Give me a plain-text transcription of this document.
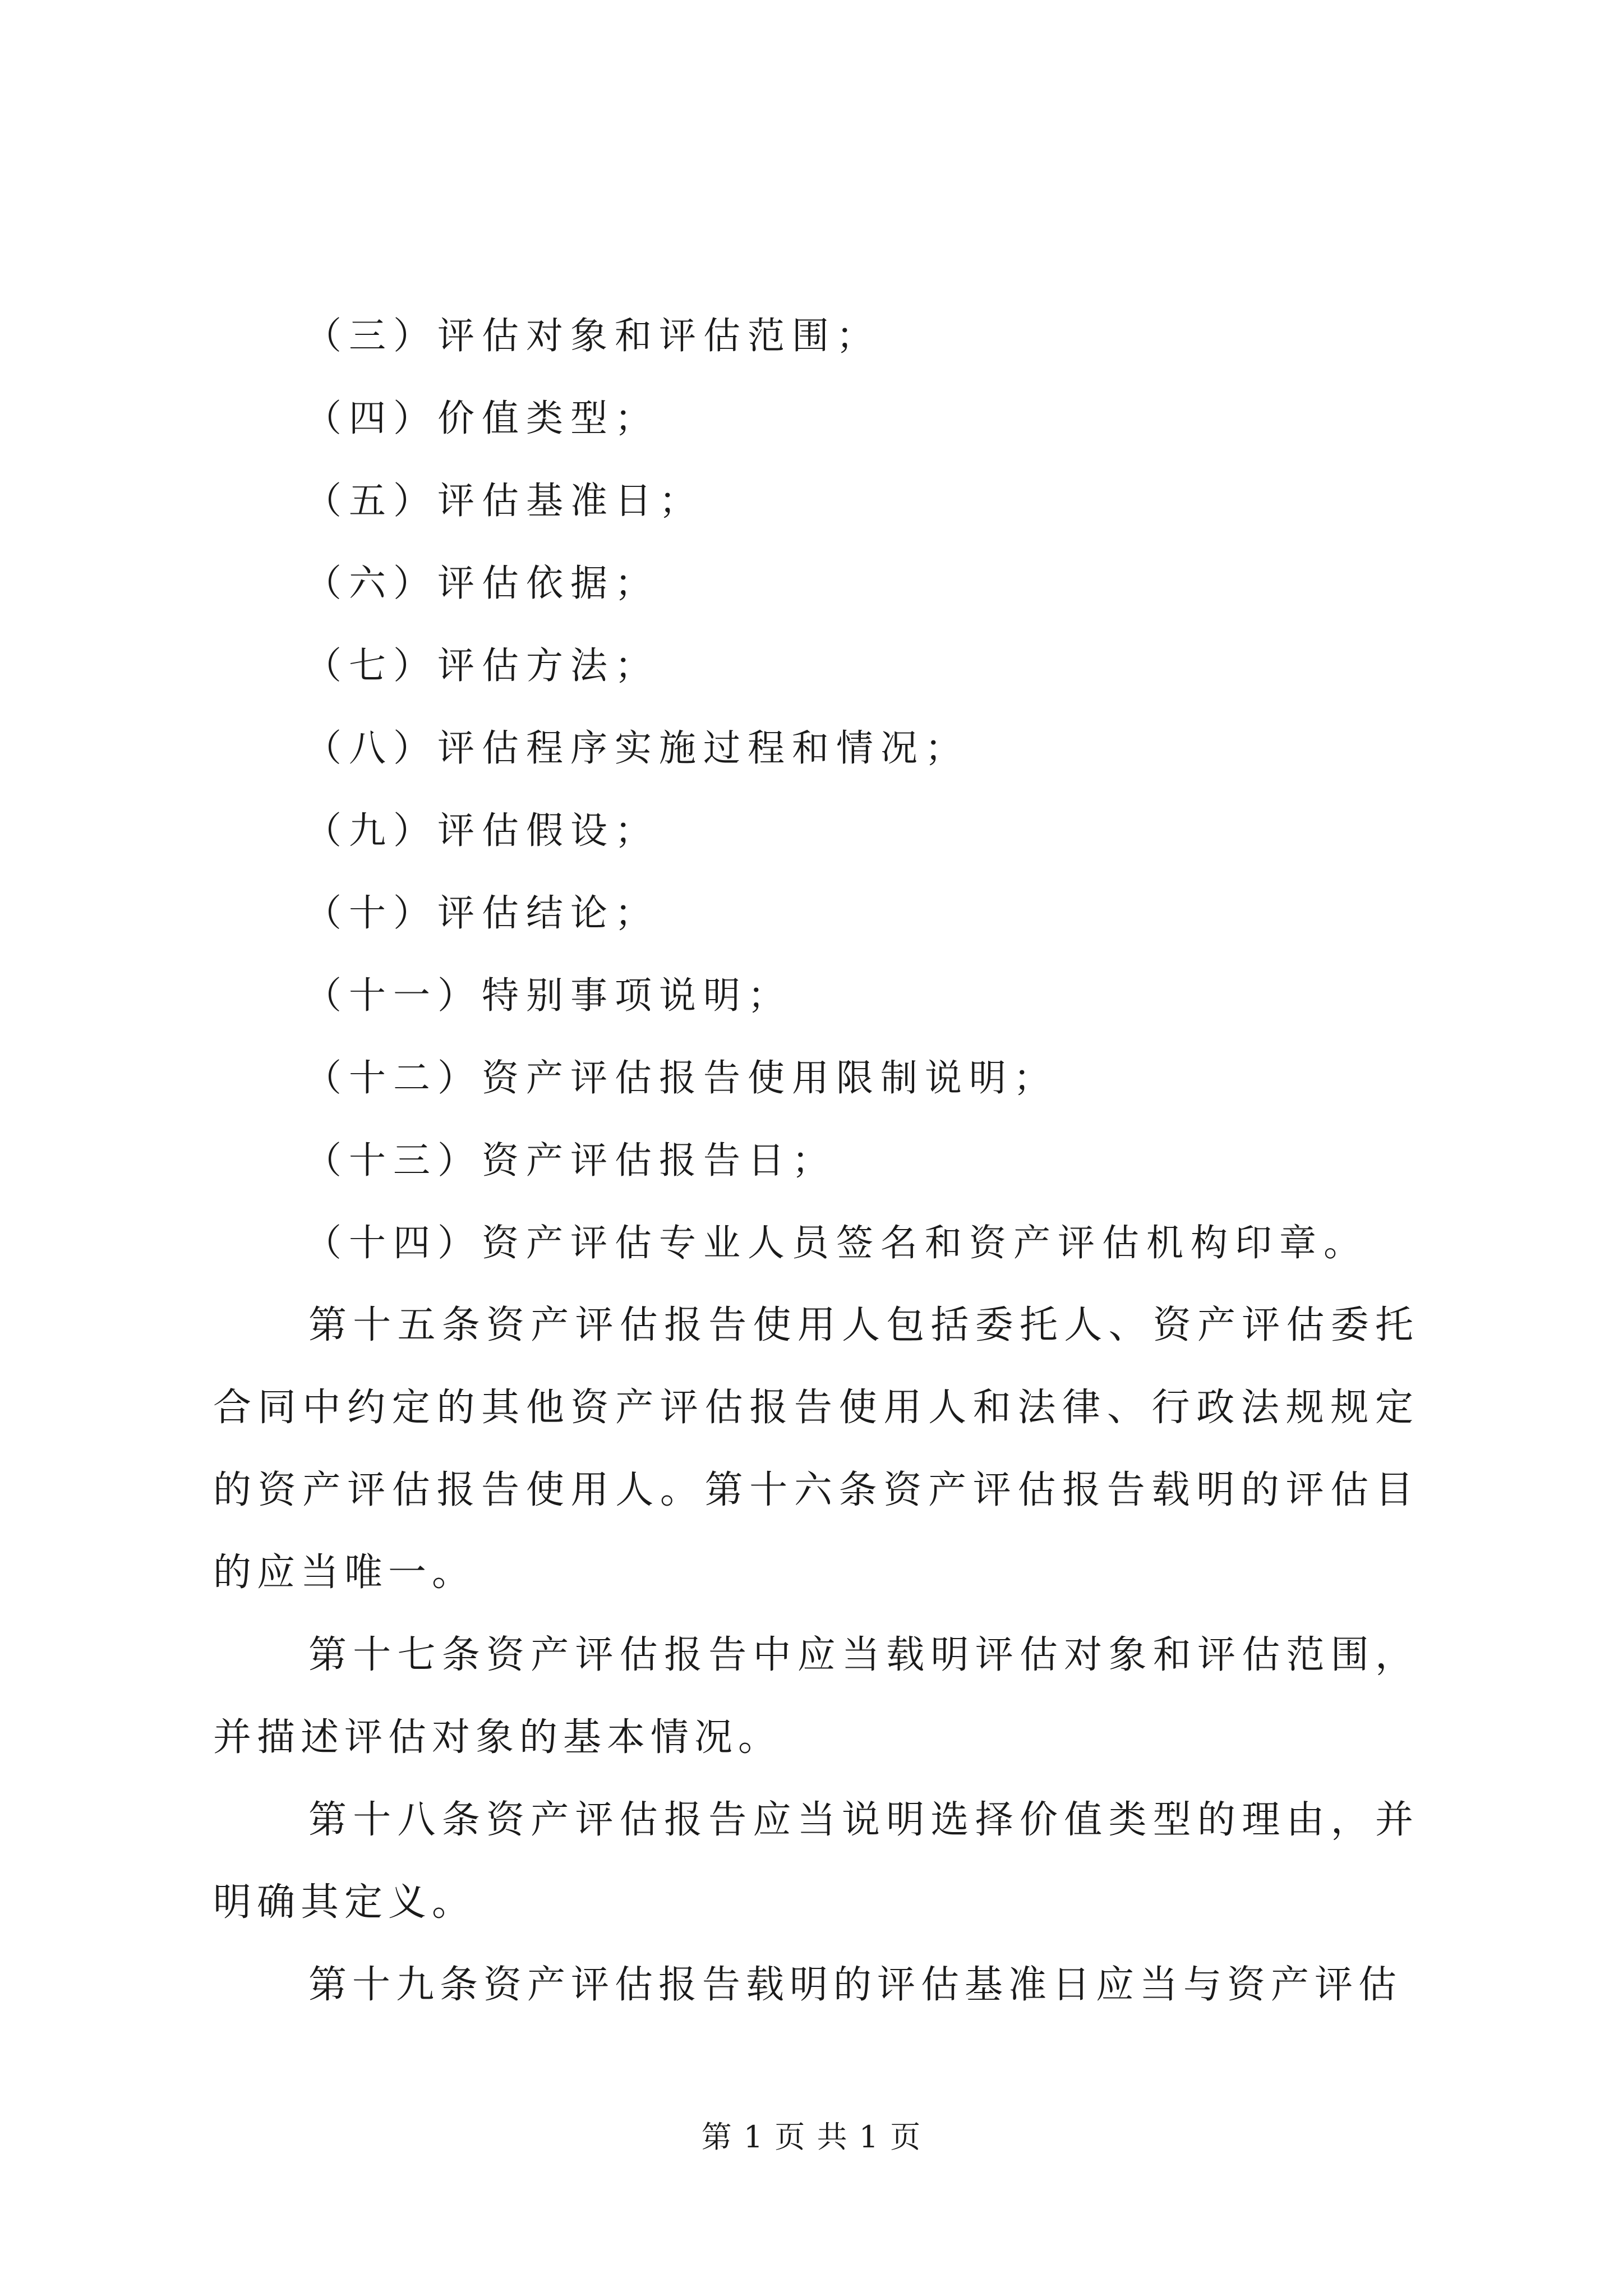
（三）评估对象和评估范围；
（四）价值类型；
（五）评估基准日；
（六）评估依据；
（七）评估方法；
（八）评估程序实施过程和情况；
（九）评估假设；
（十）评估结论；
（十一）特别事项说明；
（十二）资产评估报告使用限制说明；
（十三）资产评估报告日；
（十四）资产评估专业人员签名和资产评估机构印章。

第十五条资产评估报告使用人包括委托人、资产评估委托合同中约定的其他资产评估报告使用人和法律、行政法规规定的资产评估报告使用人。第十六条资产评估报告载明的评估目的应当唯一。

第十七条资产评估报告中应当载明评估对象和评估范围，并描述评估对象的基本情况。

第十八条资产评估报告应当说明选择价值类型的理由，并明确其定义。

第十九条资产评估报告载明的评估基准日应当与资产评估

第 1 页 共 1 页
